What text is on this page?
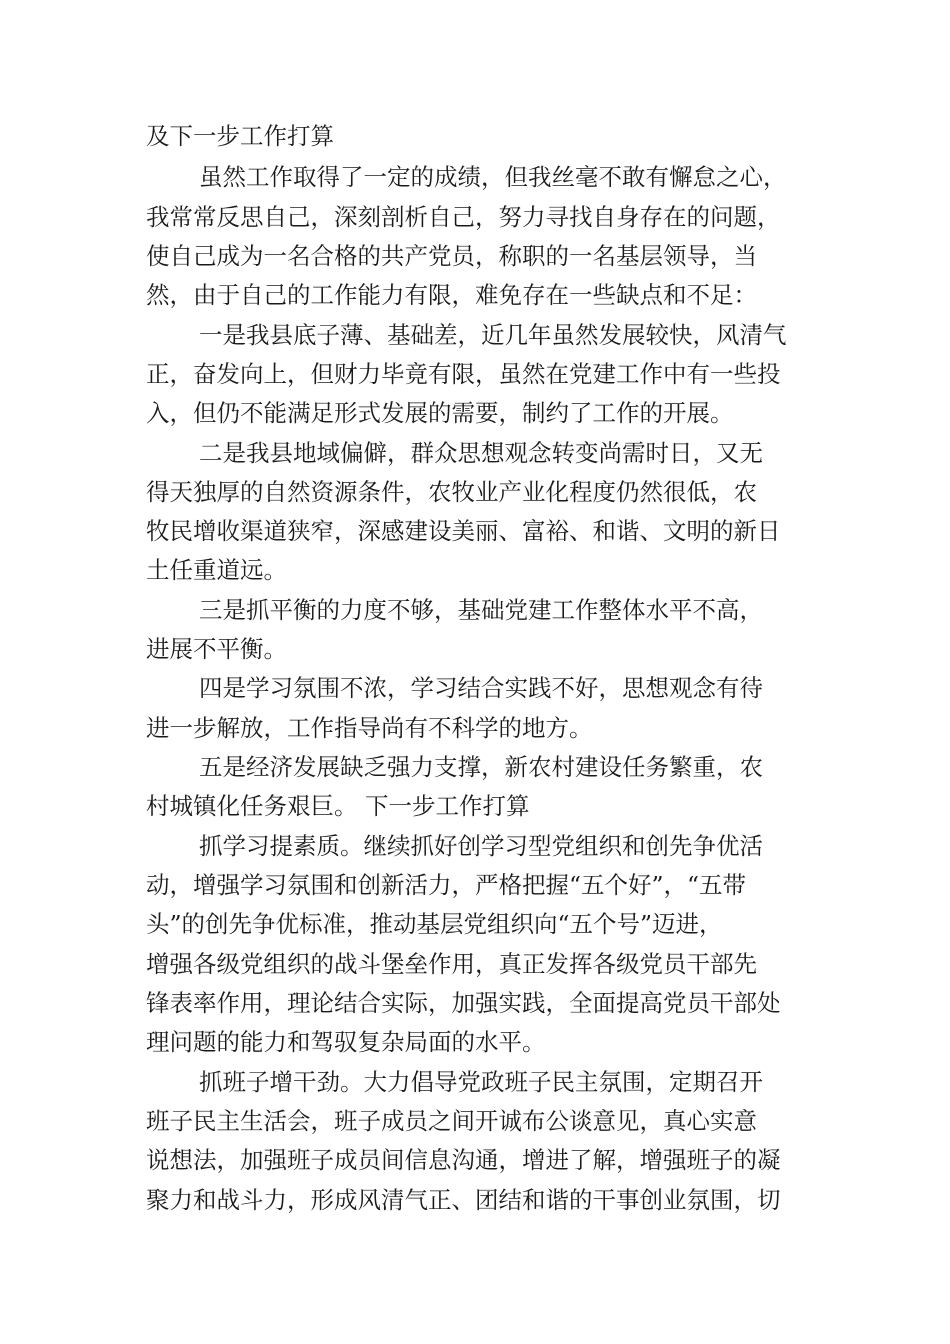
及下一步工作打算
虽然工作取得了一定的成绩，但我丝毫不敢有懈怠之心，
我常常反思自己，深刻剖析自己，努力寻找自身存在的问题，
使自己成为一名合格的共产党员，称职的一名基层领导，当
然，由于自己的工作能力有限，难免存在一些缺点和不足：
一是我县底子薄、基础差，近几年虽然发展较快，风清气
正，奋发向上，但财力毕竟有限，虽然在党建工作中有一些投
入，但仍不能满足形式发展的需要，制约了工作的开展。
二是我县地域偏僻，群众思想观念转变尚需时日，又无
得天独厚的自然资源条件，农牧业产业化程度仍然很低，农
牧民增收渠道狭窄，深感建设美丽、富裕、和谐、文明的新日
土任重道远。
三是抓平衡的力度不够，基础党建工作整体水平不高，
进展不平衡。
四是学习氛围不浓，学习结合实践不好，思想观念有待
进一步解放，工作指导尚有不科学的地方。
五是经济发展缺乏强力支撑，新农村建设任务繁重，农
村城镇化任务艰巨。 下一步工作打算
抓学习提素质。继续抓好创学习型党组织和创先争优活
动，增强学习氛围和创新活力，严格把握“五个好”，“五带
头”的创先争优标准，推动基层党组织向“五个号”迈进，
增强各级党组织的战斗堡垒作用，真正发挥各级党员干部先
锋表率作用，理论结合实际，加强实践，全面提高党员干部处
理问题的能力和驾驭复杂局面的水平。
抓班子增干劲。大力倡导党政班子民主氛围，定期召开
班子民主生活会，班子成员之间开诚布公谈意见，真心实意
说想法，加强班子成员间信息沟通，增进了解，增强班子的凝
聚力和战斗力，形成风清气正、团结和谐的干事创业氛围，切
